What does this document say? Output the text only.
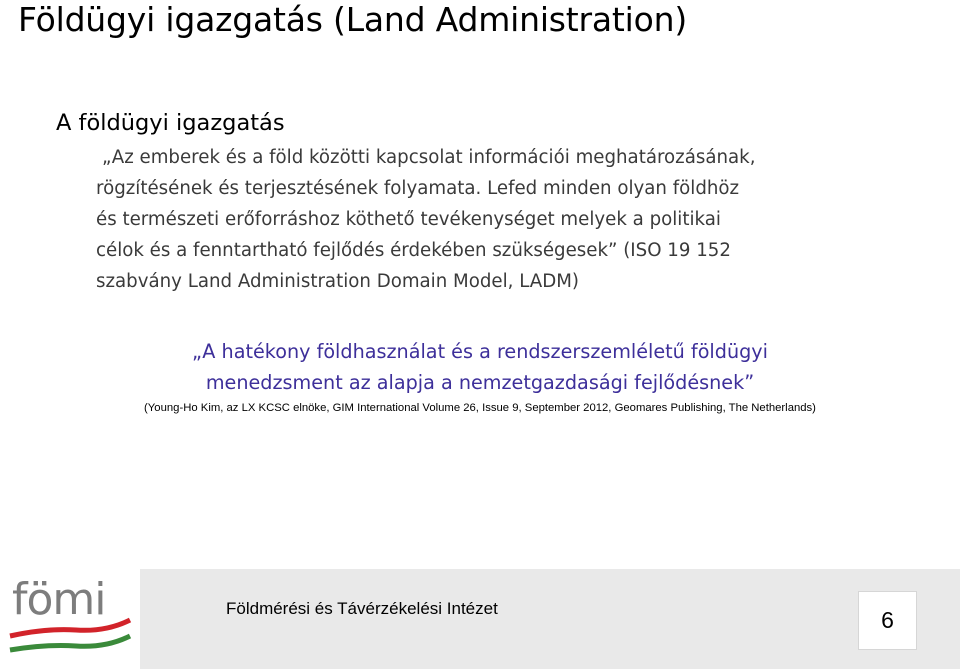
Földügyi igazgatás (Land Administration)
A földügyi igazgatás
„Az emberek és a föld közötti kapcsolat információi meghatározásának,
rögzítésének és terjesztésének folyamata. Lefed minden olyan földhöz
és természeti erőforráshoz köthető tevékenységet melyek a politikai
célok és a fenntartható fejlődés érdekében szükségesek” (ISO 19 152
szabvány Land Administration Domain Model, LADM)
„A hatékony földhasználat és a rendszerszemléletű földügyi
menedzsment az alapja a nemzetgazdasági fejlődésnek”
(Young-Ho Kim, az LX KCSC elnöke, GIM International Volume 26, Issue 9, September 2012, Geomares Publishing, The Netherlands)
fömi	Földmérési és Távérzékelési Intézet	6
